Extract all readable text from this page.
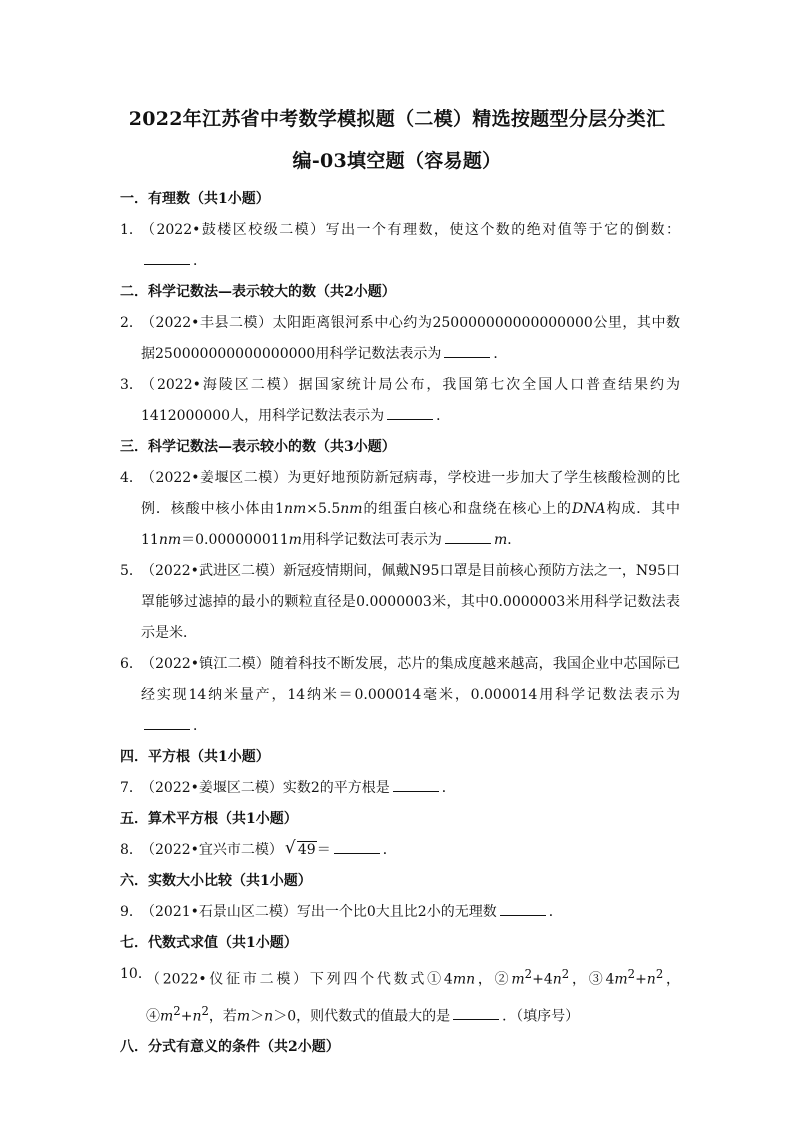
2022年江苏省中考数学模拟题（二模）精选按题型分层分类汇
编-03填空题（容易题）
一．有理数（共1小题）
1．
（2022•鼓楼区校级二模）写出一个有理数，使这个数的绝对值等于它的倒数：．
二．科学记数法—表示较大的数（共2小题）
2．
（2022•丰县二模）太阳距离银河系中心约为250000000000000000公里，其中数据250000000000000000用科学记数法表示为	．
3．
（2022•海陵区二模）据国家统计局公布，我国第七次全国人口普查结果约为1412000000人，用科学记数法表示为	．
三．科学记数法—表示较小的数（共3小题）
4．
（2022•姜堰区二模）为更好地预防新冠病毒，学校进一步加大了学生核酸检测的比例．核酸中核小体由1nm×5.5nm的组蛋白核心和盘绕在核心上的DNA构成．其中11nm＝0.000000011m用科学记数法可表示为	m．
5．
（2022•武进区二模）新冠疫情期间，佩戴N95口罩是目前核心预防方法之一，N95口罩能够过滤掉的最小的颗粒直径是0.0000003米，其中0.0000003米用科学记数法表示是米．
6．
（2022•镇江二模）随着科技不断发展，芯片的集成度越来越高，我国企业中芯国际已经实现14纳米量产，14纳米＝0.000014毫米，0.000014用科学记数法表示为．
四．平方根（共1小题）
7．
（2022•姜堰区二模）实数2的平方根是	．
五．算术平方根（共1小题）
8．
（2022•宜兴市二模） √ 49＝	．
六．实数大小比较（共1小题）
9．
（2021•石景山区二模）写出一个比0大且比2小的无理数	．
七．代数式求值（共1小题）
10．
（2022•仪征市二模）下列四个代数式①4mn，$②m^2+4n^2$，$③4m^2+n^2$，$④m^2+n^2$，若m＞n＞0，则代数式的值最大的是	．（填序号）
八．分式有意义的条件（共2小题）
